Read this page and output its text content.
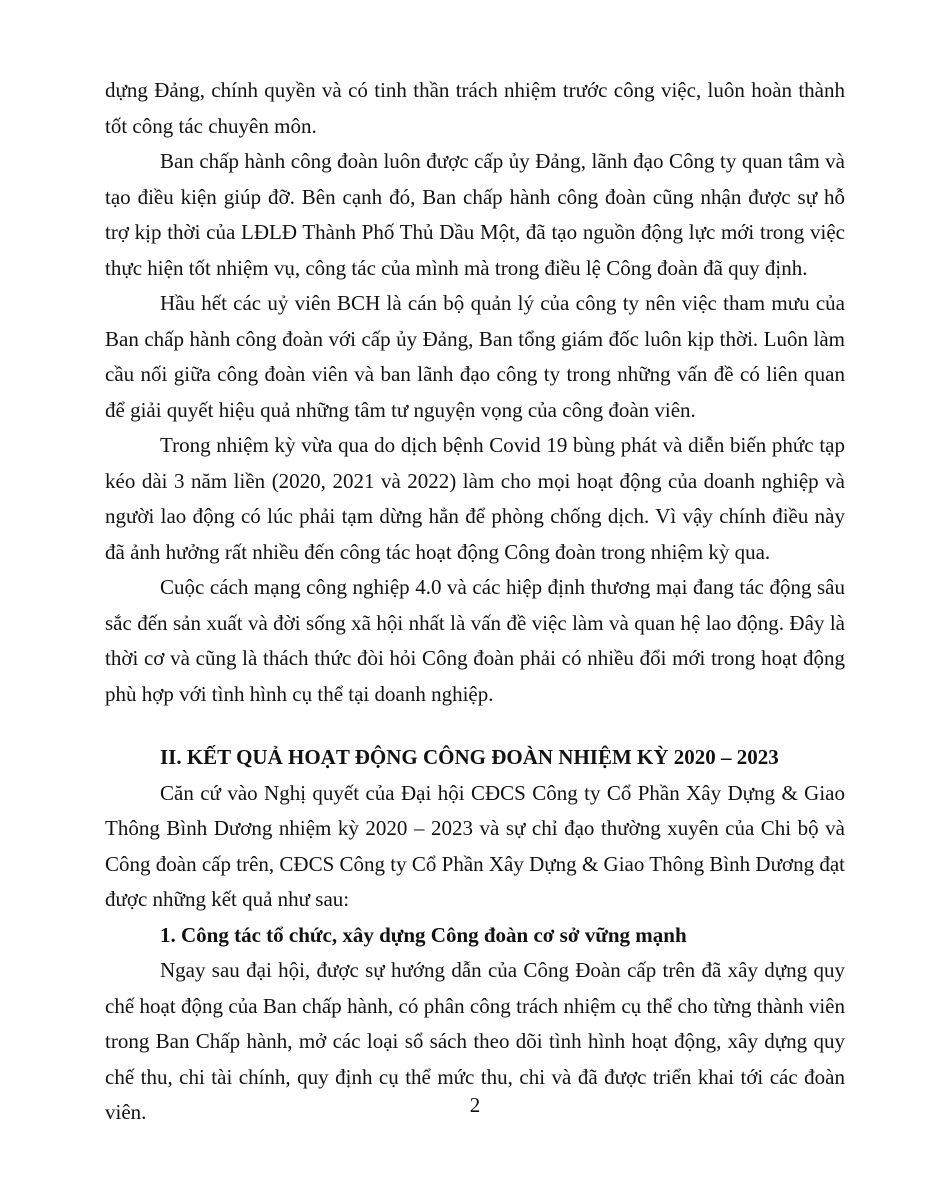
dựng Đảng, chính quyền và có tinh thần trách nhiệm trước công việc, luôn hoàn thành tốt công tác chuyên môn.

Ban chấp hành công đoàn luôn được cấp ủy Đảng, lãnh đạo Công ty quan tâm và tạo điều kiện giúp đỡ. Bên cạnh đó, Ban chấp hành công đoàn cũng nhận được sự hỗ trợ kịp thời của LĐLĐ Thành Phố Thủ Dầu Một, đã tạo nguồn động lực mới trong việc thực hiện tốt nhiệm vụ, công tác của mình mà trong điều lệ Công đoàn đã quy định.

Hầu hết các uỷ viên BCH là cán bộ quản lý của công ty nên việc tham mưu của Ban chấp hành công đoàn với cấp ủy Đảng, Ban tổng giám đốc luôn kịp thời. Luôn làm cầu nối giữa công đoàn viên và ban lãnh đạo công ty trong những vấn đề có liên quan để giải quyết hiệu quả những tâm tư nguyện vọng của công đoàn viên.

Trong nhiệm kỳ vừa qua do dịch bệnh Covid 19 bùng phát và diễn biến phức tạp kéo dài 3 năm liền (2020, 2021 và 2022) làm cho mọi hoạt động của doanh nghiệp và người lao động có lúc phải tạm dừng hẳn để phòng chống dịch. Vì vậy chính điều này đã ảnh hưởng rất nhiều đến công tác hoạt động Công đoàn trong nhiệm kỳ qua.

Cuộc cách mạng công nghiệp 4.0 và các hiệp định thương mại đang tác động sâu sắc đến sản xuất và đời sống xã hội nhất là vấn đề việc làm và quan hệ lao động. Đây là thời cơ và cũng là thách thức đòi hỏi Công đoàn phải có nhiều đổi mới trong hoạt động phù hợp với tình hình cụ thể tại doanh nghiệp.

II. KẾT QUẢ HOẠT ĐỘNG CÔNG ĐOÀN NHIỆM KỲ 2020 – 2023

Căn cứ vào Nghị quyết của Đại hội CĐCS Công ty Cổ Phần Xây Dựng & Giao Thông Bình Dương nhiệm kỳ 2020 – 2023 và sự chỉ đạo thường xuyên của Chi bộ và Công đoàn cấp trên, CĐCS Công ty Cổ Phần Xây Dựng & Giao Thông Bình Dương đạt được những kết quả như sau:

1. Công tác tổ chức, xây dựng Công đoàn cơ sở vững mạnh

Ngay sau đại hội, được sự hướng dẫn của Công Đoàn cấp trên đã xây dựng quy chế hoạt động của Ban chấp hành, có phân công trách nhiệm cụ thể cho từng thành viên trong Ban Chấp hành, mở các loại sổ sách theo dõi tình hình hoạt động, xây dựng quy chế thu, chi tài chính, quy định cụ thể mức thu, chi và đã được triển khai tới các đoàn viên.	2
